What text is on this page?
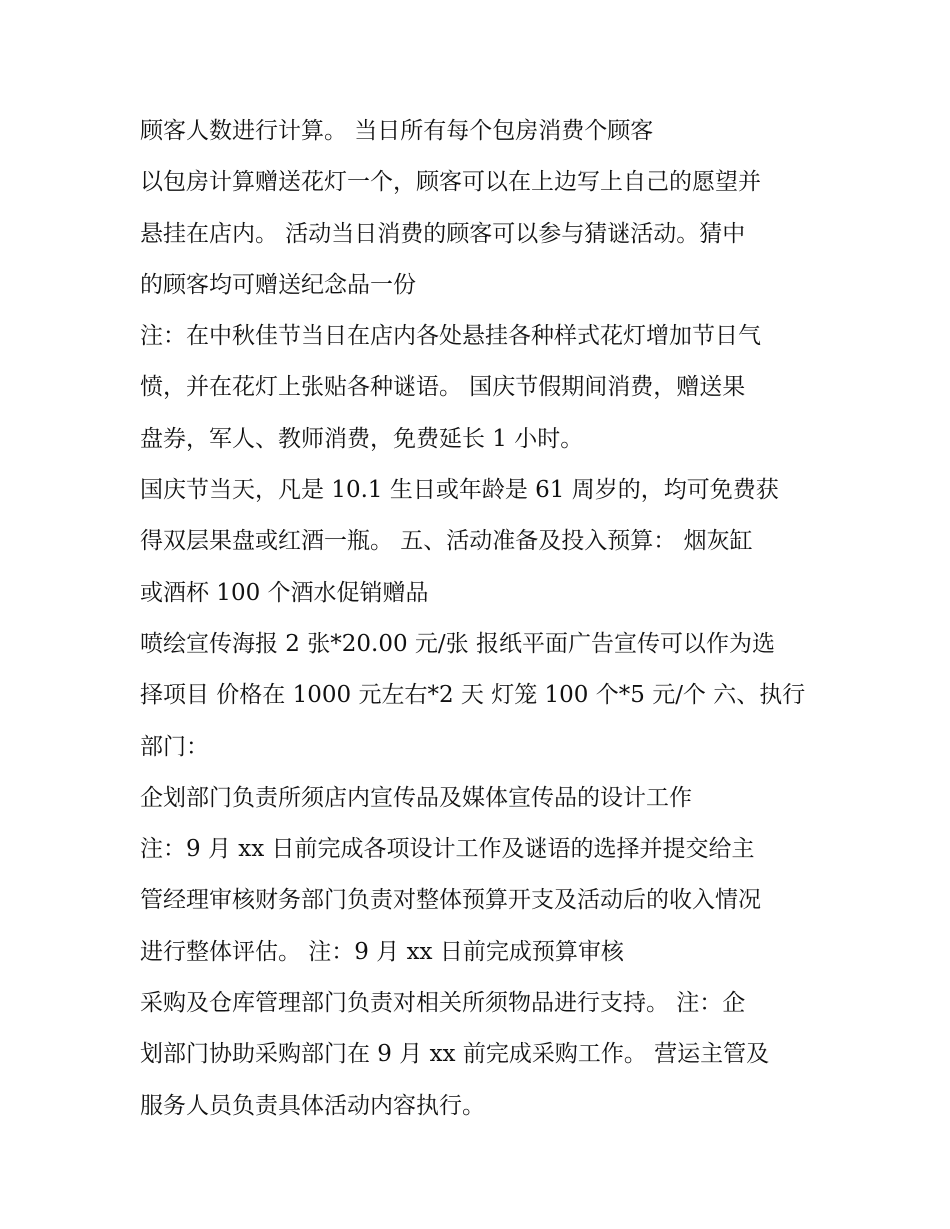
顾客人数进行计算。 当日所有每个包房消费个顾客
以包房计算赠送花灯一个，顾客可以在上边写上自己的愿望并
悬挂在店内。 活动当日消费的顾客可以参与猜谜活动。猜中
的顾客均可赠送纪念品一份
注：在中秋佳节当日在店内各处悬挂各种样式花灯增加节日气
愤，并在花灯上张贴各种谜语。 国庆节假期间消费，赠送果
盘券，军人、教师消费，免费延长 1 小时。
国庆节当天，凡是 10.1 生日或年龄是 61 周岁的，均可免费获
得双层果盘或红酒一瓶。 五、活动准备及投入预算： 烟灰缸
或酒杯 100 个酒水促销赠品
喷绘宣传海报 2 张*20.00 元/张 报纸平面广告宣传可以作为选
择项目 价格在 1000 元左右*2 天 灯笼 100 个*5 元/个 六、执行
部门：
企划部门负责所须店内宣传品及媒体宣传品的设计工作
注：9 月 xx 日前完成各项设计工作及谜语的选择并提交给主
管经理审核财务部门负责对整体预算开支及活动后的收入情况
进行整体评估。 注：9 月 xx 日前完成预算审核
采购及仓库管理部门负责对相关所须物品进行支持。 注：企
划部门协助采购部门在 9 月 xx 前完成采购工作。 营运主管及
服务人员负责具体活动内容执行。
